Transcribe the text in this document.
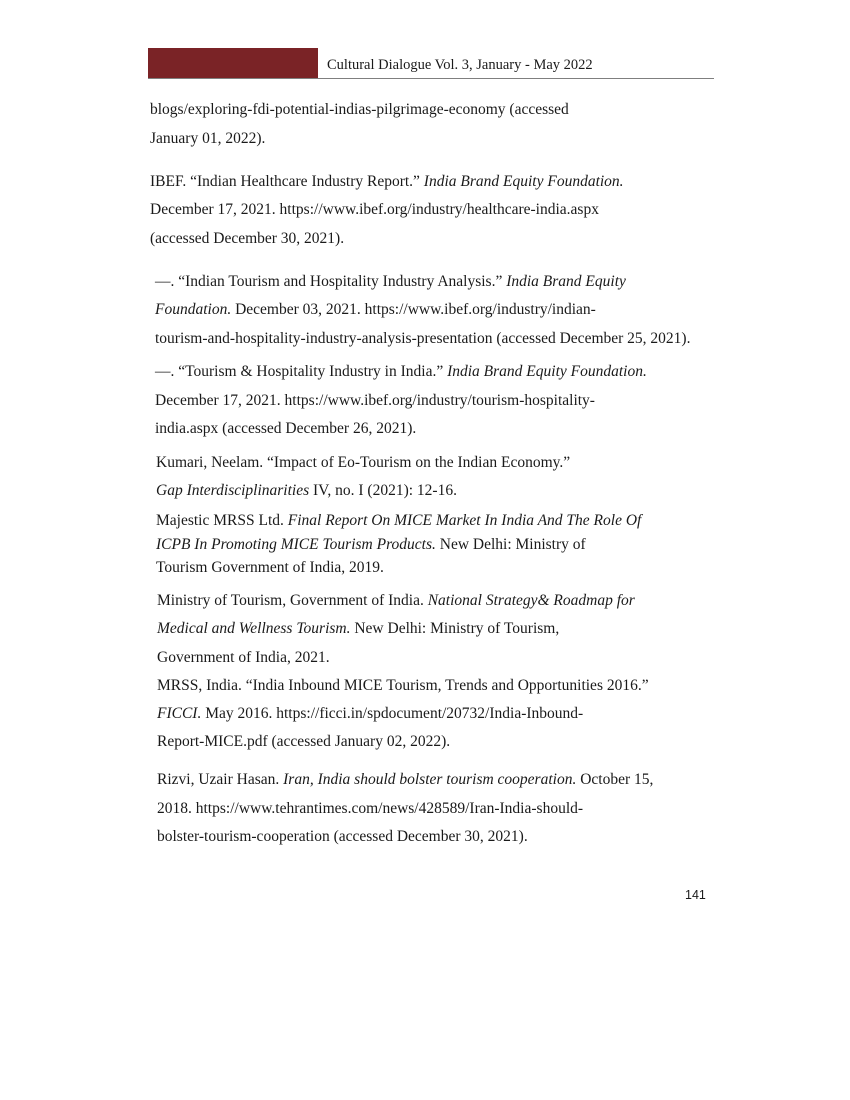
Cultural Dialogue Vol. 3, January - May 2022
blogs/exploring-fdi-potential-indias-pilgrimage-economy (accessed
January 01, 2022).
IBEF. “Indian Healthcare Industry Report.” India Brand Equity Foundation.
December 17, 2021. https://www.ibef.org/industry/healthcare-india.aspx
(accessed December 30, 2021).
—. “Indian Tourism and Hospitality Industry Analysis.” India Brand Equity
Foundation. December 03, 2021. https://www.ibef.org/industry/indian-
tourism-and-hospitality-industry-analysis-presentation (accessed December 25, 2021).
—. “Tourism & Hospitality Industry in India.” India Brand Equity Foundation.
December 17, 2021. https://www.ibef.org/industry/tourism-hospitality-
india.aspx (accessed December 26, 2021).
Kumari, Neelam. “Impact of Eo-Tourism on the Indian Economy.”
Gap Interdisciplinarities IV, no. I (2021): 12-16.
Majestic MRSS Ltd. Final Report On MICE Market In India And The Role Of
ICPB In Promoting MICE Tourism Products. New Delhi: Ministry of
Tourism Government of India, 2019.
Ministry of Tourism, Government of India. National Strategy& Roadmap for
Medical and Wellness Tourism. New Delhi: Ministry of Tourism,
Government of India, 2021.
MRSS, India. “India Inbound MICE Tourism, Trends and Opportunities 2016.”
FICCI. May 2016. https://ficci.in/spdocument/20732/India-Inbound-
Report-MICE.pdf (accessed January 02, 2022).
Rizvi, Uzair Hasan. Iran, India should bolster tourism cooperation. October 15,
2018. https://www.tehrantimes.com/news/428589/Iran-India-should-
bolster-tourism-cooperation (accessed December 30, 2021).
141
